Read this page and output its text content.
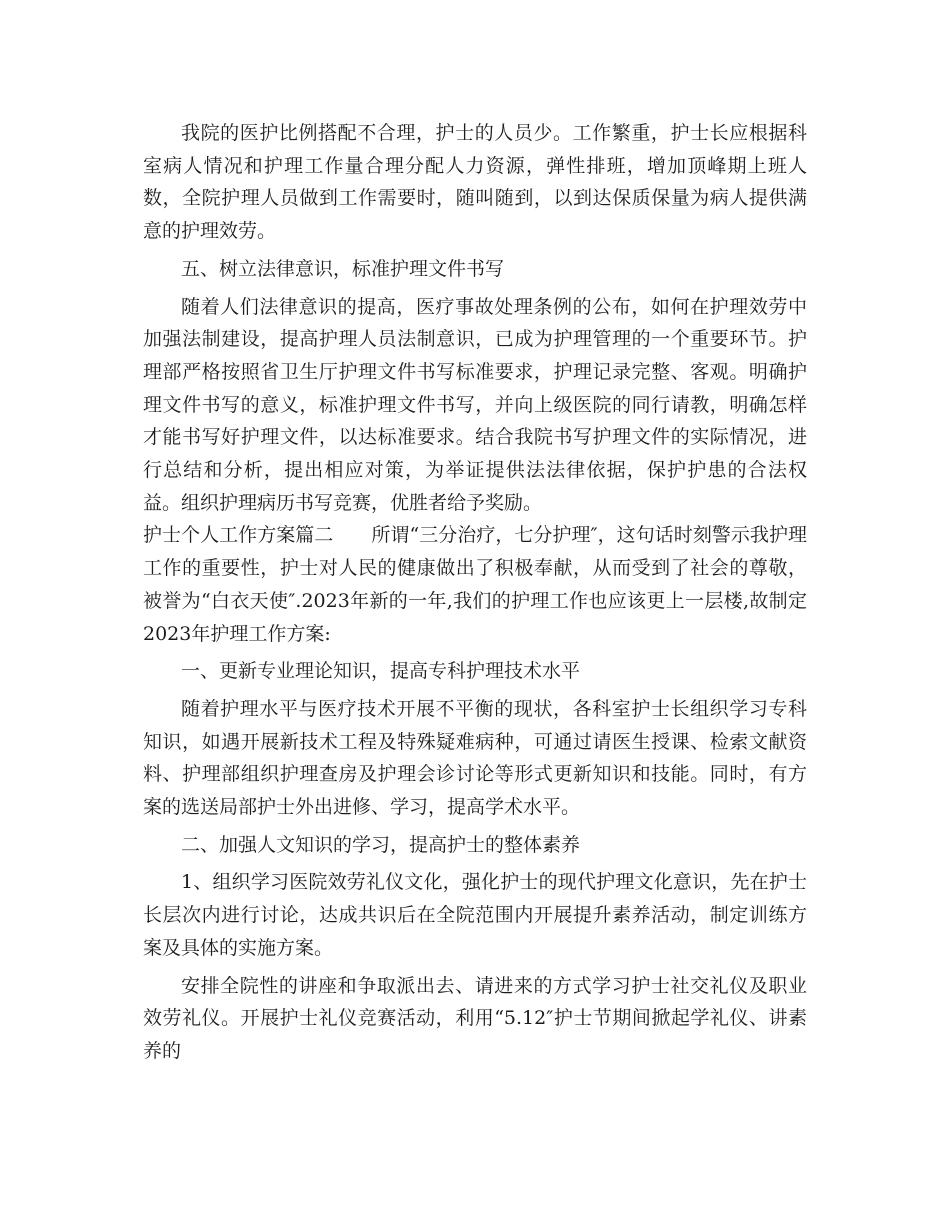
我院的医护比例搭配不合理，护士的人员少。工作繁重，护士长应根据科室病人情况和护理工作量合理分配人力资源，弹性排班，增加顶峰期上班人数，全院护理人员做到工作需要时，随叫随到，以到达保质保量为病人提供满意的护理效劳。

五、树立法律意识，标准护理文件书写

随着人们法律意识的提高，医疗事故处理条例的公布，如何在护理效劳中加强法制建设，提高护理人员法制意识，已成为护理管理的一个重要环节。护理部严格按照省卫生厅护理文件书写标准要求，护理记录完整、客观。明确护理文件书写的意义，标准护理文件书写，并向上级医院的同行请教，明确怎样才能书写好护理文件，以达标准要求。结合我院书写护理文件的实际情况，进行总结和分析，提出相应对策，为举证提供法法律依据，保护护患的合法权益。组织护理病历书写竞赛，优胜者给予奖励。

护士个人工作方案篇二　　所谓“三分治疗，七分护理″，这句话时刻警示我护理工作的重要性，护士对人民的健康做出了积极奉献，从而受到了社会的尊敬，被誉为“白衣天使″.2023年新的一年,我们的护理工作也应该更上一层楼,故制定2023年护理工作方案:

一、更新专业理论知识，提高专科护理技术水平

随着护理水平与医疗技术开展不平衡的现状，各科室护士长组织学习专科知识，如遇开展新技术工程及特殊疑难病种，可通过请医生授课、检索文献资料、护理部组织护理查房及护理会诊讨论等形式更新知识和技能。同时，有方案的选送局部护士外出进修、学习，提高学术水平。

二、加强人文知识的学习，提高护士的整体素养

1、组织学习医院效劳礼仪文化，强化护士的现代护理文化意识，先在护士长层次内进行讨论，达成共识后在全院范围内开展提升素养活动，制定训练方案及具体的实施方案。

安排全院性的讲座和争取派出去、请进来的方式学习护士社交礼仪及职业效劳礼仪。开展护士礼仪竞赛活动，利用“5.12″护士节期间掀起学礼仪、讲素养的
